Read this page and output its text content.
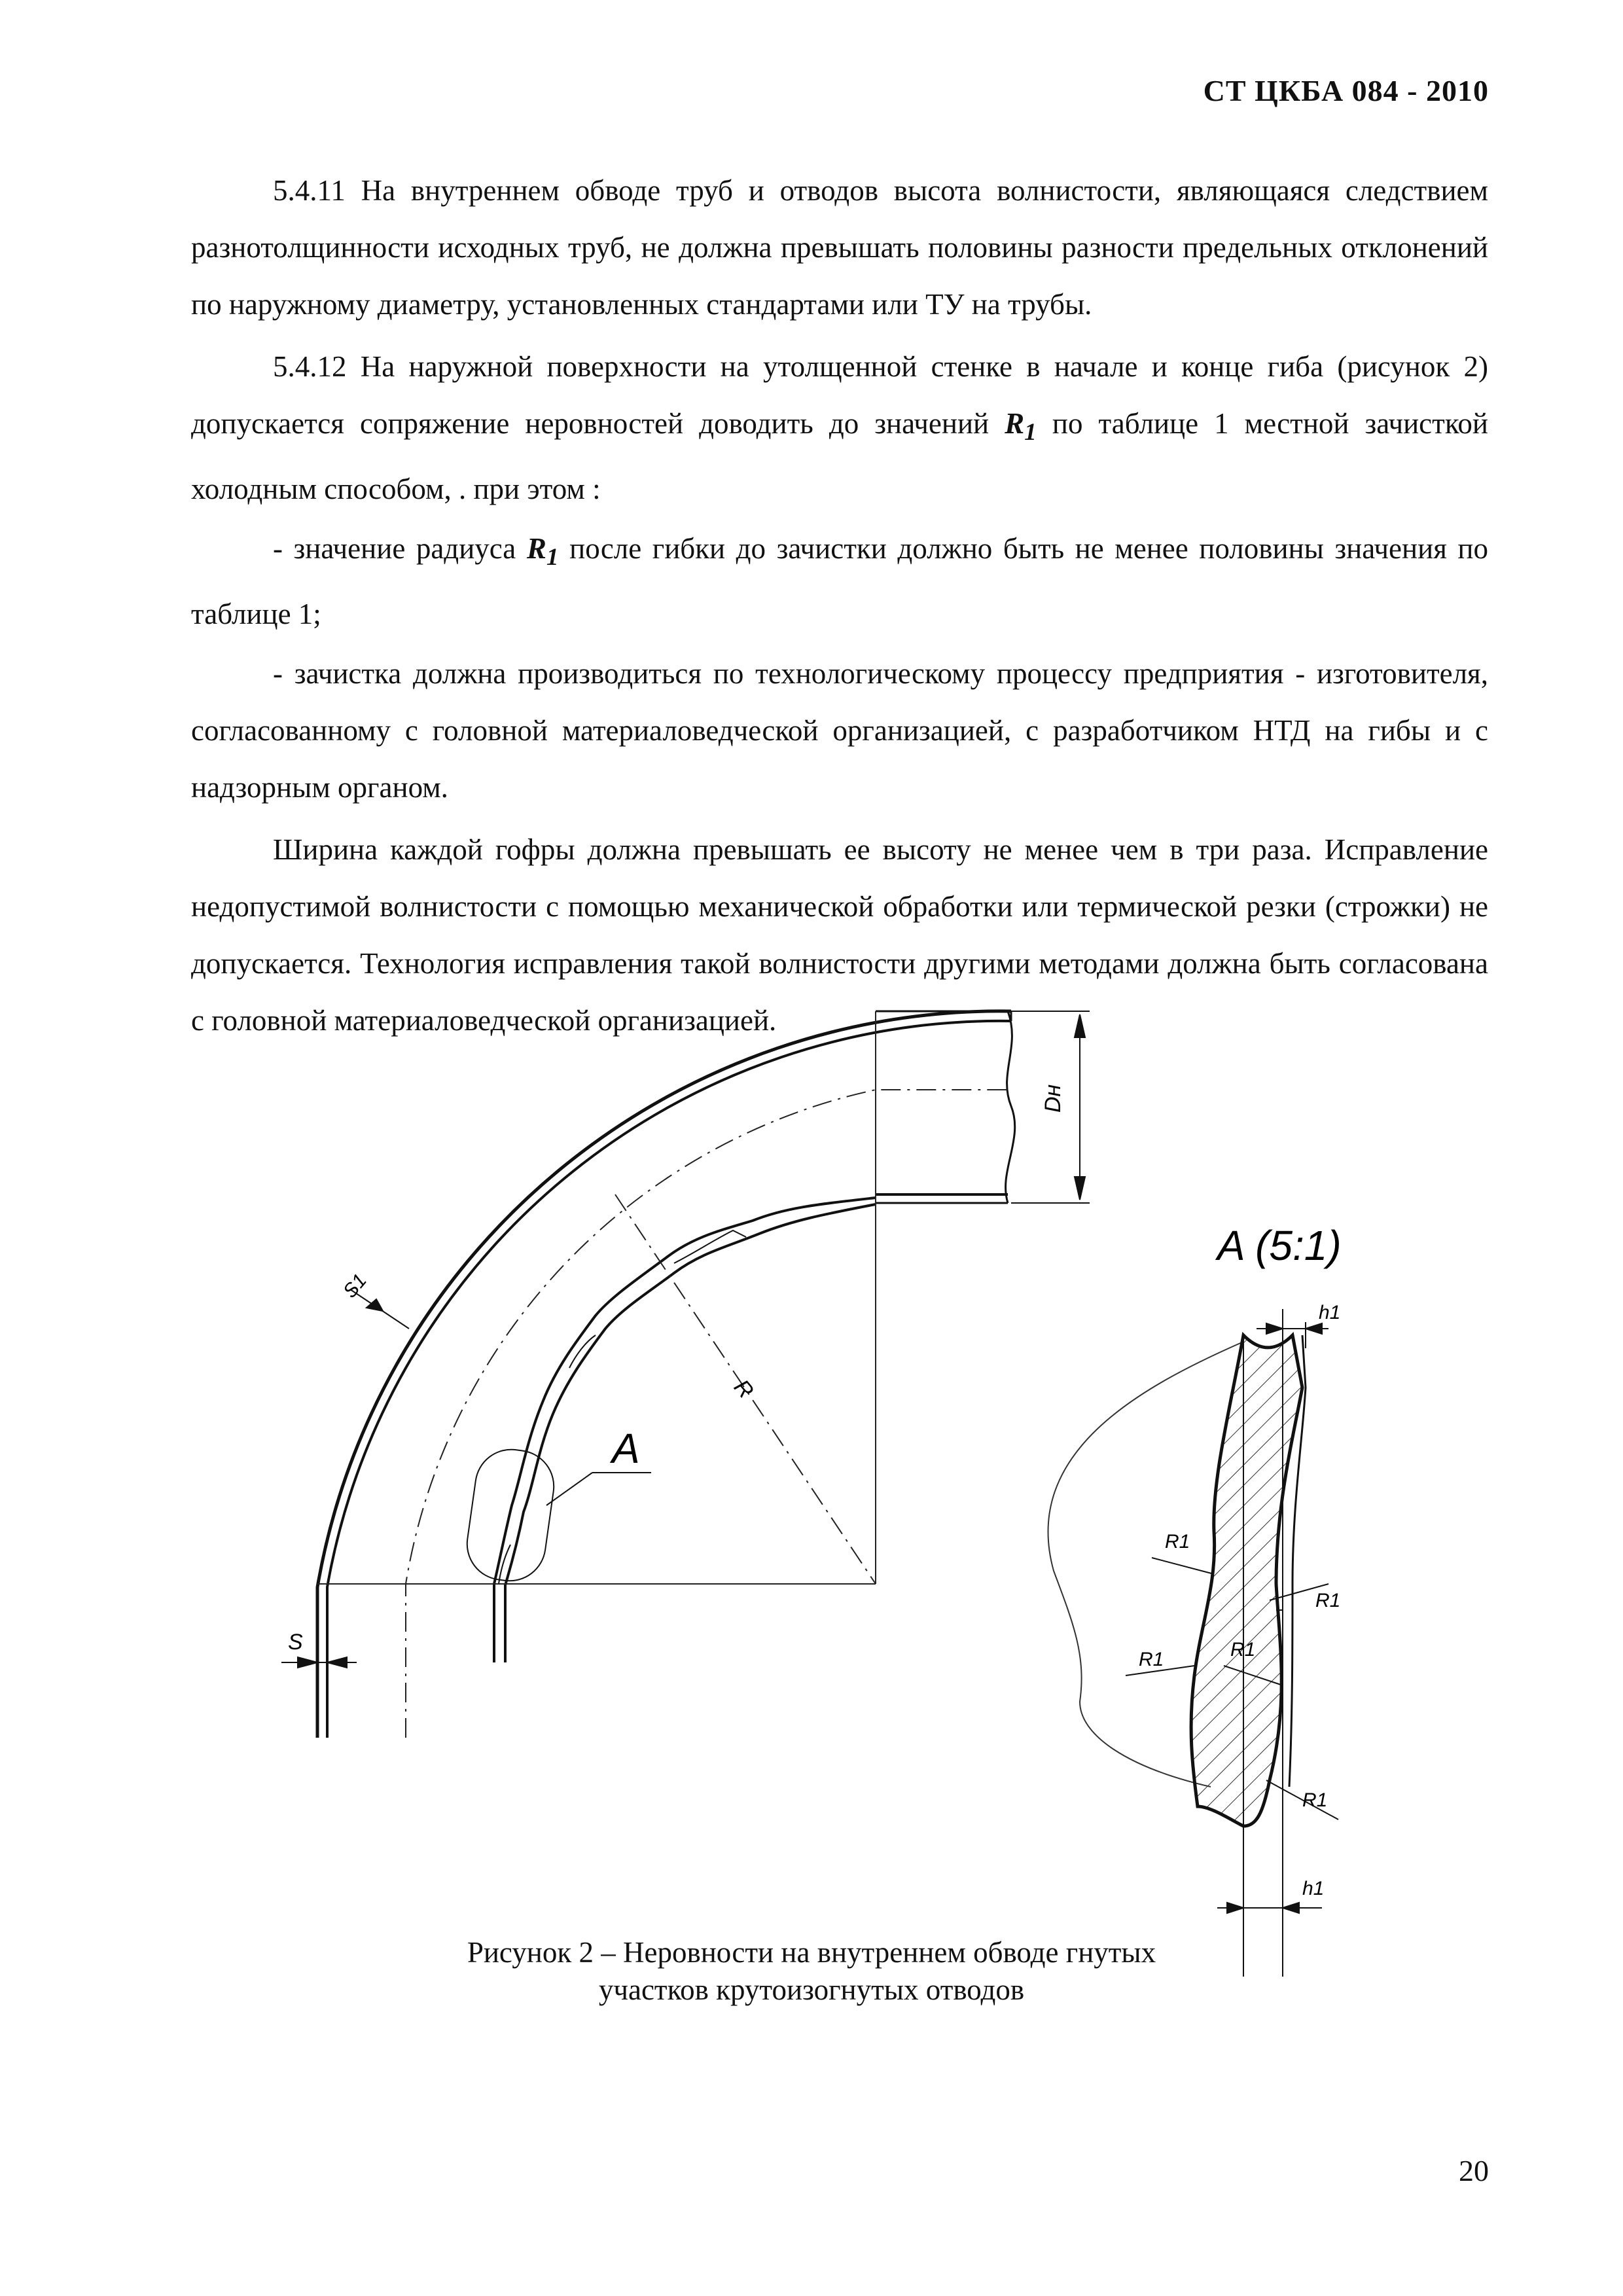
СТ ЦКБА 084 - 2010

5.4.11 На внутреннем обводе труб и отводов высота волнистости, являющаяся следствием разнотолщинности исходных труб, не должна превышать половины разности предельных отклонений по наружному диаметру, установленных стандартами или ТУ на трубы.

5.4.12 На наружной поверхности на утолщенной стенке в начале и конце гиба (рисунок 2) допускается сопряжение неровностей доводить до значений $R_1$ по таблице 1 местной зачисткой холодным способом, . при этом :

- значение радиуса $R_1$ после гибки до зачистки должно быть не менее половины значения по таблице 1;

- зачистка должна производиться по технологическому процессу предприятия - изготовителя, согласованному с головной материаловедческой организацией, с разработчиком НТД на гибы и с надзорным органом.

Ширина каждой гофры должна превышать ее высоту не менее чем в три раза. Исправление недопустимой волнистости с помощью механической обработки или термической резки (строжки) не допускается. Технология исправления такой волнистости другими методами должна быть согласована с головной материаловедческой организацией.

Dн
S1
S
R
A
A (5:1)
h1
h1
R1
R1
R1	R1
R1
Рисунок 2 – Неровности на внутреннем обводе гнутых
участков крутоизогнутых отводов
20
